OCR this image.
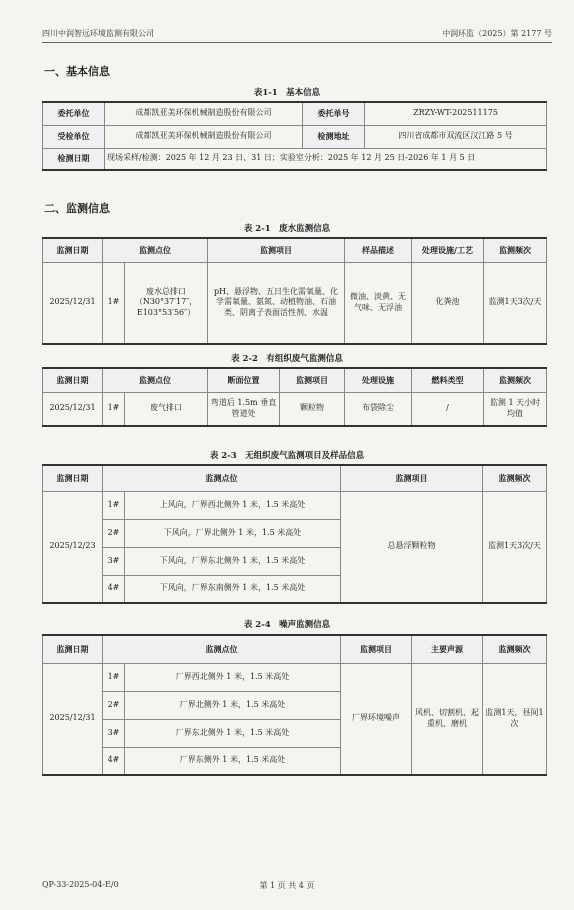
四川中润智远环境监测有限公司	中润环监（2025）第 2177 号
一、基本信息
表1-1　基本信息
委托单位	成都凯亚美环保机械制造股份有限公司	委托单号	ZRZY-WT-202511175
受检单位	成都凯亚美环保机械制造股份有限公司	检测地址	四川省成都市双流区汉江路 5 号
检测日期	现场采样/检测：2025 年 12 月 23 日、31 日；实验室分析：2025 年 12 月 25 日-2026 年 1 月 5 日		
二、监测信息
表 2-1　废水监测信息
监测日期	监测点位		监测项目	样品描述	处理设施/工艺	监测频次
2025/12/31	1#	废水总排口（N30°37′17″，E103°53′56″）	pH、悬浮物、五日生化需氧量、化学需氧量、氨氮、动植物油、石油类、阴离子表面活性剂、水温	微油、淡黄、无气味、无浮油	化粪池	监测1天3次/天
表 2-2　有组织废气监测信息
监测日期	监测点位		断面位置	监测项目	处理设施	燃料类型	监测频次
2025/12/31	1#	废气排口	弯道后 1.5m 垂直管道处	颗粒物	布袋除尘	/	监测 1 天小时均值
表 2-3　无组织废气监测项目及样品信息
监测日期	监测点位		监测项目	监测频次
2025/12/23	1#	上风向，厂界西北侧外 1 米，1.5 米高处	总悬浮颗粒物	监测1天3次/天
	2#	下风向，厂界北侧外 1 米，1.5 米高处		
	3#	下风向，厂界东北侧外 1 米，1.5 米高处		
	4#	下风向，厂界东南侧外 1 米，1.5 米高处		
表 2-4　噪声监测信息
监测日期	监测点位		监测项目	主要声源	监测频次
2025/12/31	1#	厂界西北侧外 1 米，1.5 米高处	厂界环境噪声	风机、切割机、起重机、磨机	监测1天，昼间1次
	2#	厂界北侧外 1 米，1.5 米高处			
	3#	厂界东北侧外 1 米，1.5 米高处			
	4#	厂界东侧外 1 米，1.5 米高处			
QP-33-2025-04-E/0	第 1 页 共 4 页
